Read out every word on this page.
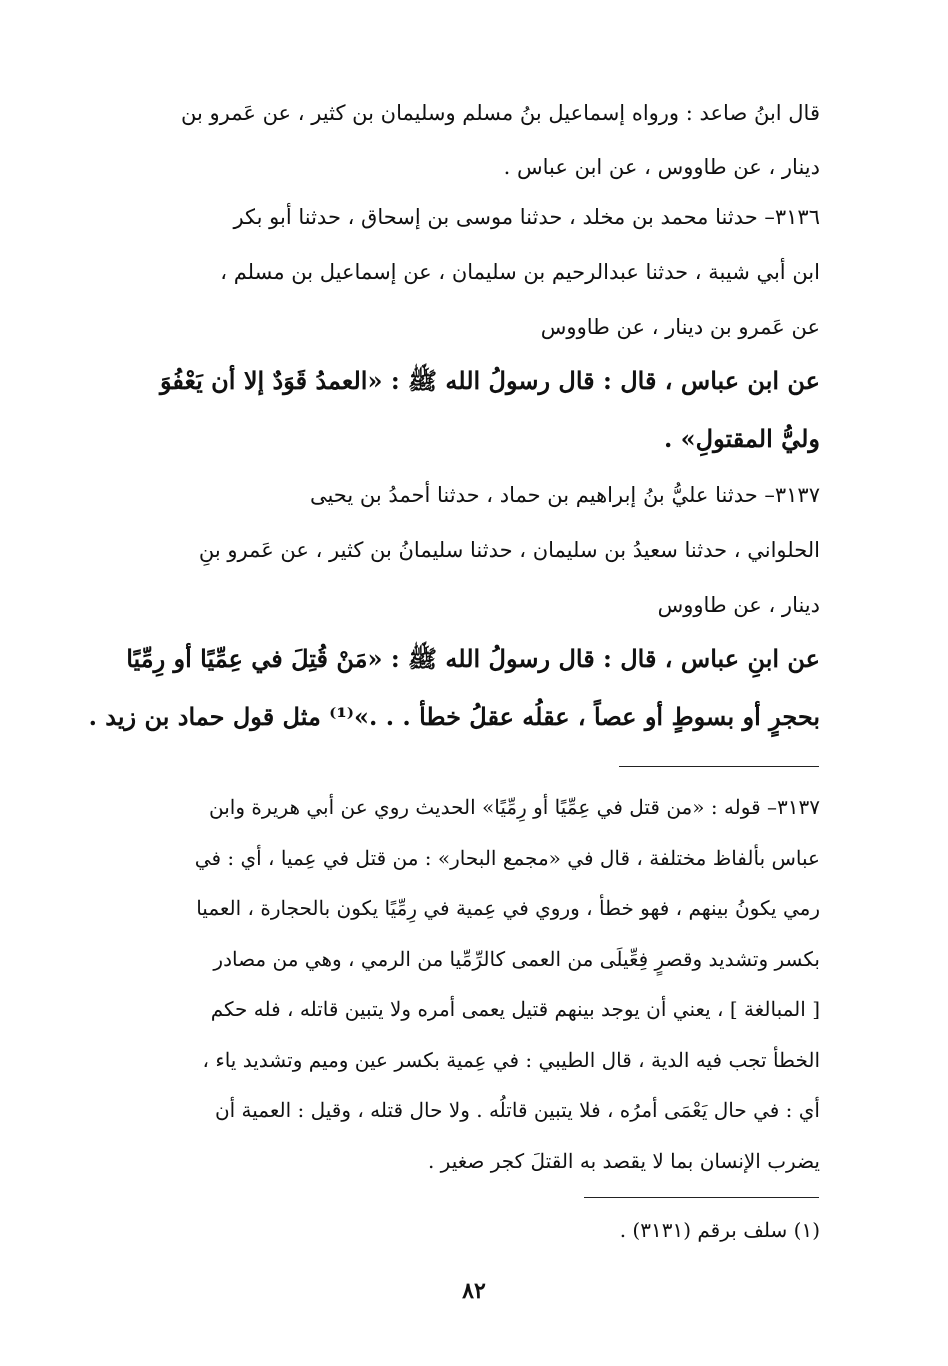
قال ابنُ صاعد : ورواه إسماعيل بنُ مسلم وسليمان بن كثير ، عن عَمرو بن
دينار ، عن طاووس ، عن ابن عباس .
٣١٣٦– حدثنا محمد بن مخلد ، حدثنا موسى بن إسحاق ، حدثنا أبو بكر
ابن أبي شيبة ، حدثنا عبدالرحيم بن سليمان ، عن إسماعيل بن مسلم ،
عن عَمرو بن دينار ، عن طاووس
عن ابن عباس ، قال : قال رسولُ الله ﷺ : «العمدُ قَوَدٌ إلا أن يَعْفُوَ
وليُّ المقتولِ» .
٣١٣٧– حدثنا عليُّ بنُ إبراهيم بن حماد ، حدثنا أحمدُ بن يحيى
الحلواني ، حدثنا سعيدُ بن سليمان ، حدثنا سليمانُ بن كثير ، عن عَمرو بنِ
دينار ، عن طاووس
عن ابنِ عباس ، قال : قال رسولُ الله ﷺ : «مَنْ قُتِلَ في عِمِّيًا أو رِمِّيًا
بحجرٍ أو بسوطٍ أو عصاً ، عقلُه عقلُ خطأ . . .»⁽¹⁾ مثل قول حماد بن زيد .
٣١٣٧– قوله : «من قتل في عِمِّيًا أو رِمِّيًا» الحديث روي عن أبي هريرة وابن
عباس بألفاظ مختلفة ، قال في «مجمع البحار» : من قتل في عِميا ، أي : في
رمي يكونُ بينهم ، فهو خطأ ، وروي في عِمية في رِمِّيًا يكون بالحجارة ، العميا
بكسر وتشديد وقصرٍ فِعِّيلَى من العمى كالرِّمِّيا من الرمي ، وهي من مصادر
[ المبالغة ] ، يعني أن يوجد بينهم قتيل يعمى أمره ولا يتبين قاتله ، فله حكم
الخطأ تجب فيه الدية ، قال الطيبي : في عِمية بكسر عين وميم وتشديد ياء ،
أي : في حال يَعْمَى أمرُه ، فلا يتبين قاتلُه . ولا حال قتله ، وقيل : العمية أن
يضرب الإنسان بما لا يقصد به القتلَ كجر صغير .
(١) سلف برقم (٣١٣١) .
٨٢
